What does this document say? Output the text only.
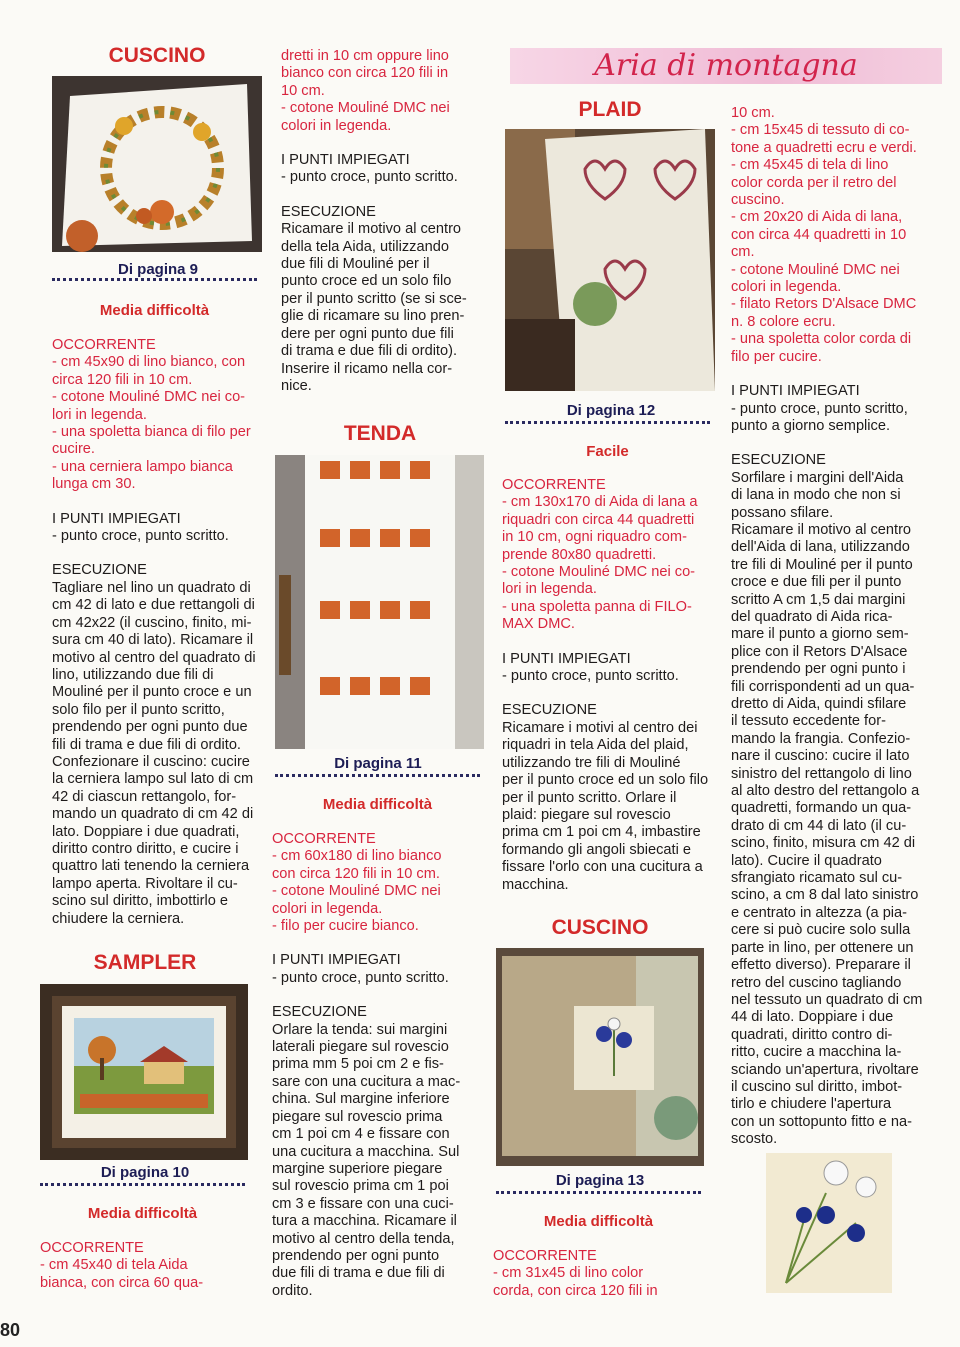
CUSCINO
Di pagina 9
Media difficoltà

OCCORRENTE

- cm 45x90 di lino bianco, con

circa 120 fili in 10 cm.

- cotone Mouliné DMC nei co-

lori in legenda.

- una spoletta bianca di filo per

cucire.

- una cerniera lampo bianca

lunga cm 30.

I PUNTI IMPIEGATI

- punto croce, punto scritto.

ESECUZIONE

Tagliare nel lino un quadrato di

cm 42 di lato e due rettangoli di

cm 42x22 (il cuscino, finito, mi-

sura cm 40 di lato). Ricamare il

motivo al centro del quadrato di

lino, utilizzando due fili di

Mouliné per il punto croce e un

solo filo per il punto scritto,

prendendo per ogni punto due

fili di trama e due fili di ordito.

Confezionare il cuscino: cucire

la cerniera lampo sul lato di cm

42 di ciascun rettangolo, for-

mando un quadrato di cm 42 di

lato. Doppiare i due quadrati,

diritto contro diritto, e cucire i

quattro lati tenendo la cerniera

lampo aperta. Rivoltare il cu-

scino sul diritto, imbottirlo e

chiudere la cerniera.

SAMPLER
Di pagina 10
Media difficoltà

OCCORRENTE

- cm 45x40 di tela Aida

bianca, con circa 60 qua-

dretti in 10 cm oppure lino

bianco con circa 120 fili in

10 cm.

- cotone Mouliné DMC nei

colori in legenda.

I PUNTI IMPIEGATI

- punto croce, punto scritto.

ESECUZIONE

Ricamare il motivo al centro

della tela Aida, utilizzando

due fili di Mouliné per il

punto croce ed un solo filo

per il punto scritto (se si sce-

glie di ricamare su lino pren-

dere per ogni punto due fili

di trama e due fili di ordito).

Inserire il ricamo nella cor-

nice.

TENDA
Di pagina 11
Media difficoltà

OCCORRENTE

- cm 60x180 di lino bianco

con circa 120 fili in 10 cm.

- cotone Mouliné DMC nei

colori in legenda.

- filo per cucire bianco.

I PUNTI IMPIEGATI

- punto croce, punto scritto.

ESECUZIONE

Orlare la tenda: sui margini

laterali piegare sul rovescio

prima mm 5 poi cm 2 e fis-

sare con una cucitura a mac-

china. Sul margine inferiore

piegare sul rovescio prima

cm 1 poi cm 4 e fissare con

una cucitura a macchina. Sul

margine superiore piegare

sul rovescio prima cm 1 poi

cm 3 e fissare con una cuci-

tura a macchina. Ricamare il

motivo al centro della tenda,

prendendo per ogni punto

due fili di trama e due fili di

ordito.

Aria di montagna
PLAID
Di pagina 12
Facile

OCCORRENTE

- cm 130x170 di Aida di lana a

riquadri con circa 44 quadretti

in 10 cm, ogni riquadro com-

prende 80x80 quadretti.

- cotone Mouliné DMC nei co-

lori in legenda.

- una spoletta panna di FILO-

MAX DMC.

I PUNTI IMPIEGATI

- punto croce, punto scritto.

ESECUZIONE

Ricamare i motivi al centro dei

riquadri in tela Aida del plaid,

utilizzando tre fili di Mouliné

per il punto croce ed un solo filo

per il punto scritto. Orlare il

plaid: piegare sul rovescio

prima cm 1 poi cm 4, imbastire

formando gli angoli sbiecati e

fissare l'orlo con una cucitura a

macchina.

CUSCINO
Di pagina 13
Media difficoltà

OCCORRENTE

- cm 31x45 di lino color

corda, con circa 120 fili in

10 cm.

- cm 15x45 di tessuto di co-

tone a quadretti ecru e verdi.

- cm 45x45 di tela di lino

color corda per il retro del

cuscino.

- cm 20x20 di Aida di lana,

con circa 44 quadretti in 10

cm.

- cotone Mouliné DMC nei

colori in legenda.

- filato Retors D'Alsace DMC

n. 8 colore ecru.

- una spoletta color corda di

filo per cucire.

I PUNTI IMPIEGATI

- punto croce, punto scritto,

punto a giorno semplice.

ESECUZIONE

Sorfilare i margini dell'Aida

di lana in modo che non si

possano sfilare.

Ricamare il motivo al centro

dell'Aida di lana, utilizzando

tre fili di Mouliné per il punto

croce e due fili per il punto

scritto A cm 1,5 dai margini

del quadrato di Aida rica-

mare il punto a giorno sem-

plice con il Retors D'Alsace

prendendo per ogni punto i

fili corrispondenti ad un qua-

dretto di Aida, quindi sfilare

il tessuto eccedente for-

mando la frangia. Confezio-

nare il cuscino: cucire il lato

sinistro del rettangolo di lino

al alto destro del rettangolo a

quadretti, formando un qua-

drato di cm 44 di lato (il cu-

scino, finito, misura cm 42 di

lato). Cucire il quadrato

sfrangiato ricamato sul cu-

scino, a cm 8 dal lato sinistro

e centrato in altezza (a pia-

cere si può cucire solo sulla

parte in lino, per ottenere un

effetto diverso). Preparare il

retro del cuscino tagliando

nel tessuto un quadrato di cm

44 di lato. Doppiare i due

quadrati, diritto contro di-

ritto, cucire a macchina la-

sciando un'apertura, rivoltare

il cuscino sul diritto, imbot-

tirlo e chiudere l'apertura

con un sottopunto fitto e na-

scosto.

80
